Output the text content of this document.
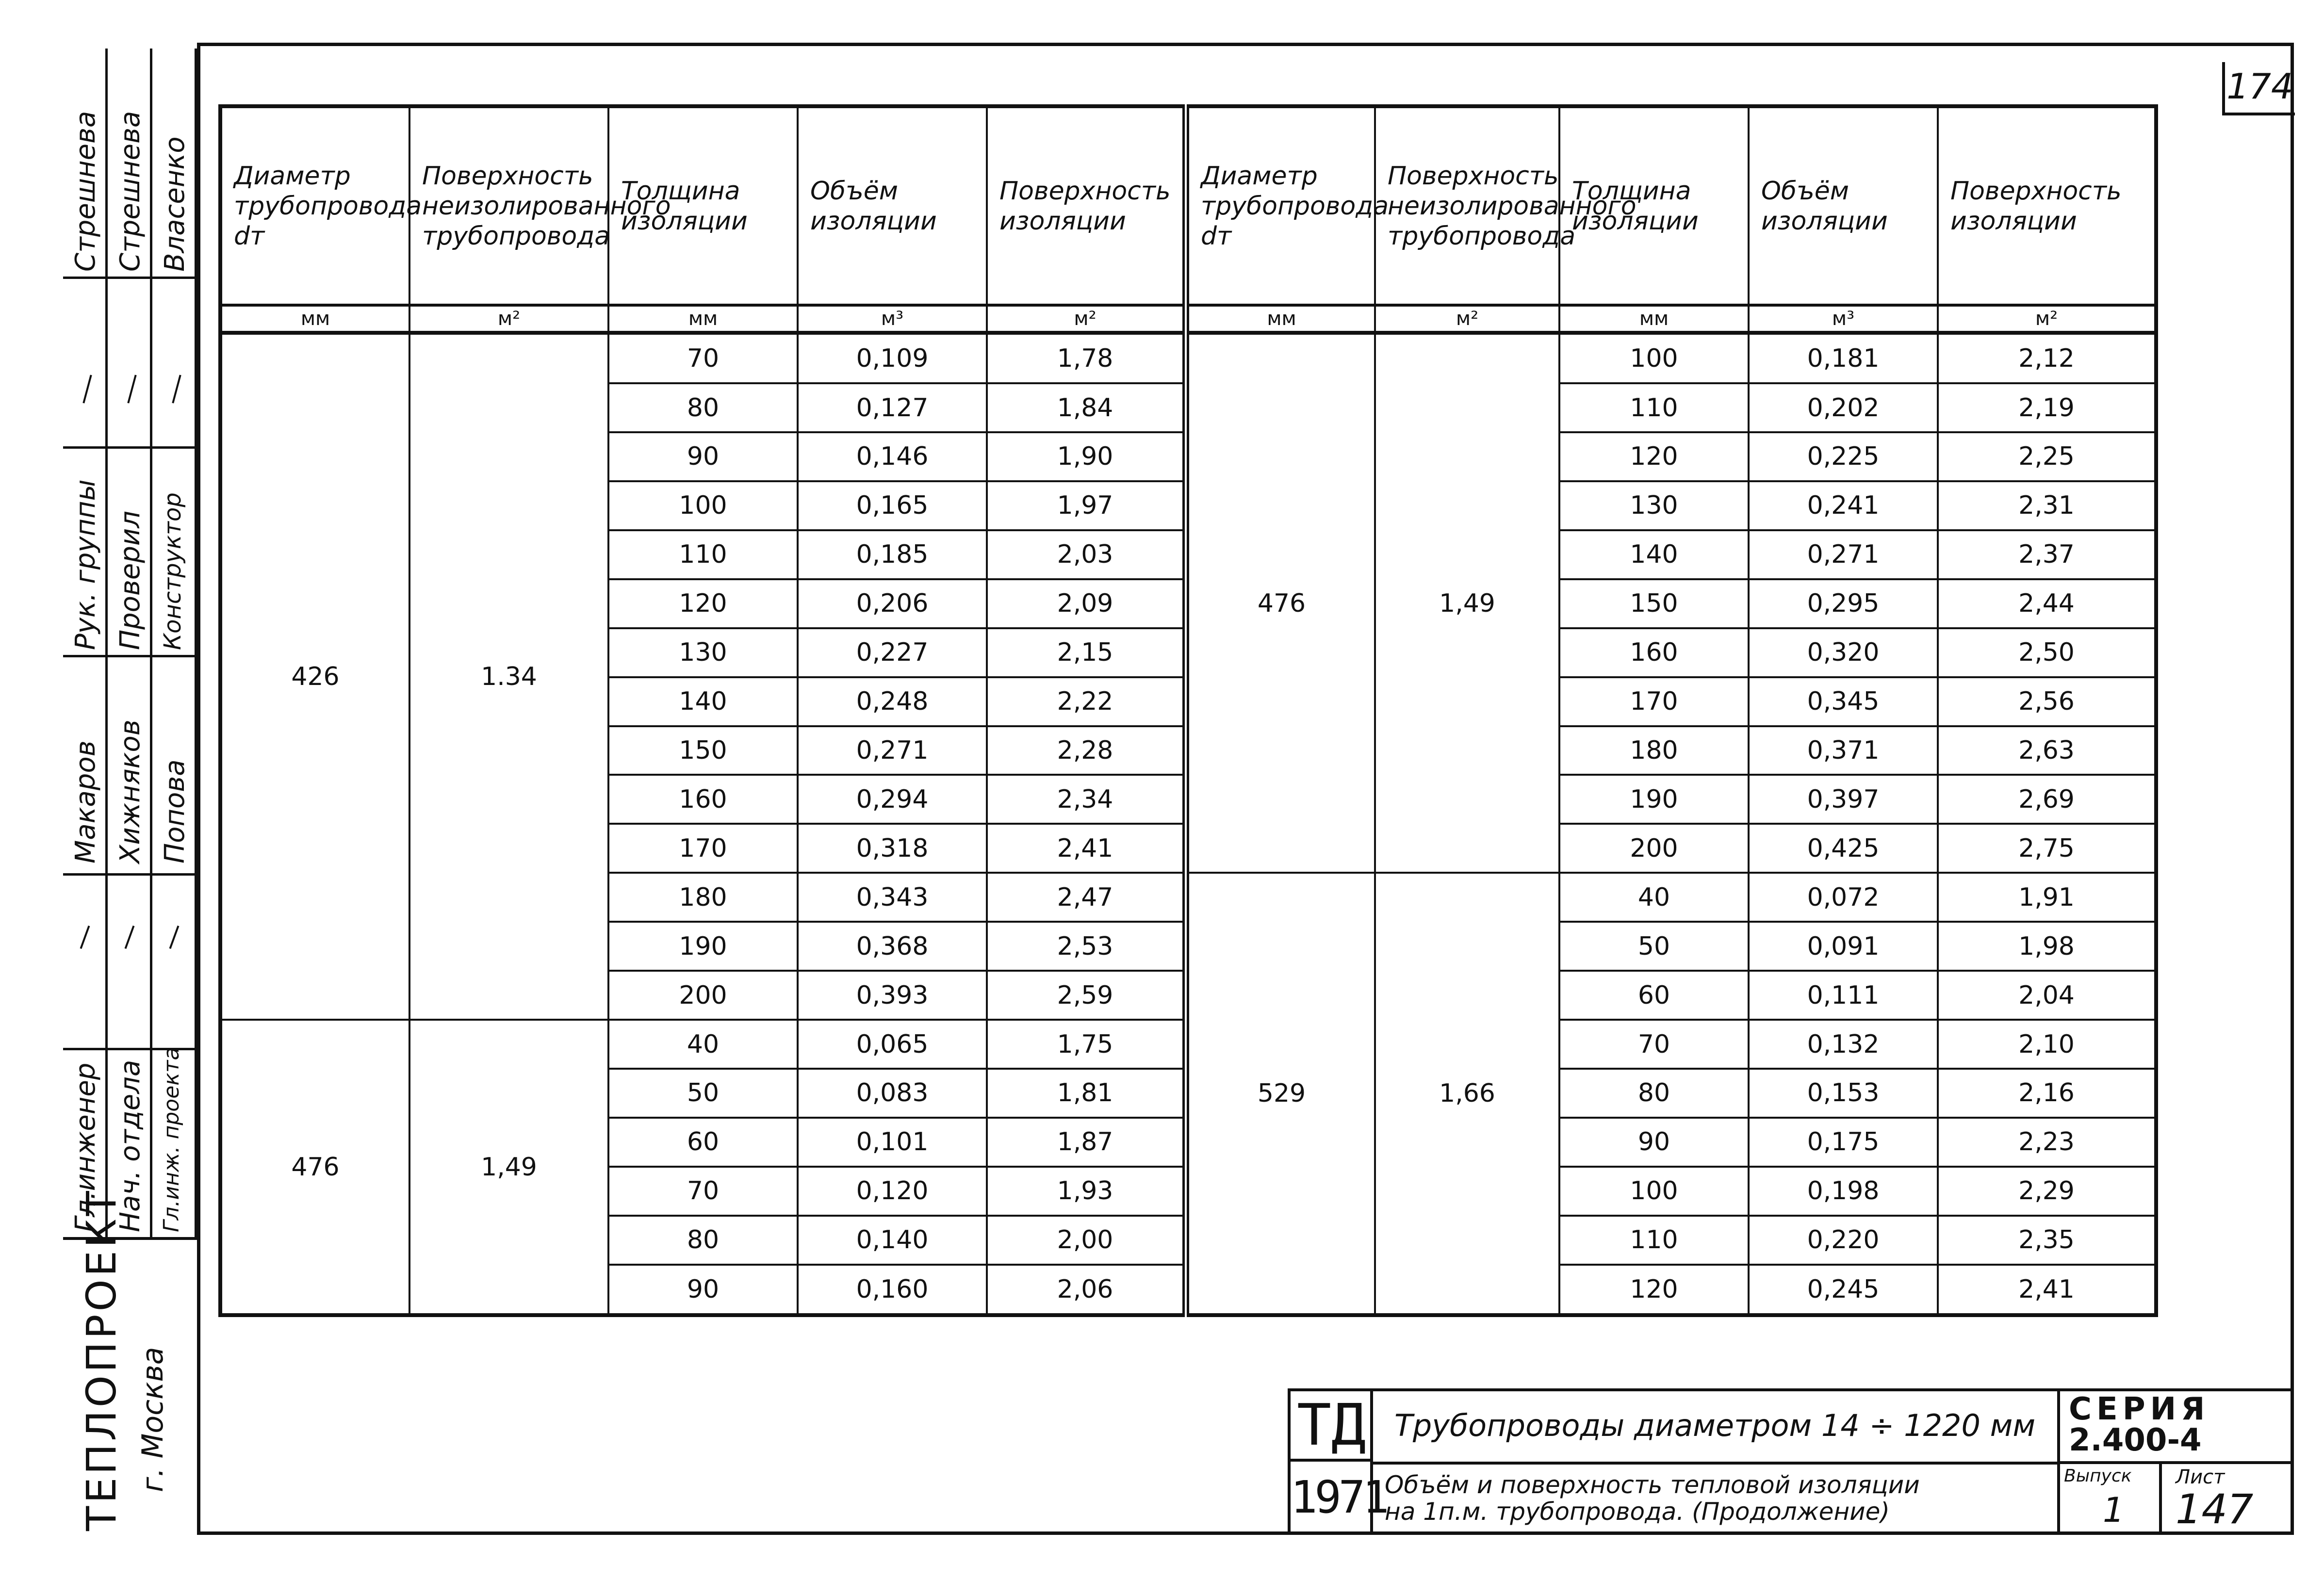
174
Гл.инженер Нач. отдела Гл.инж. проекта
Макаров Хижняков Попова
Рук. группы Проверил Конструктор
Стрешнева Стрешнева Власенко
ТЕПЛОПРОЕКТ г. Москва
Диаметр трубопровода dт	Поверхность неизолированного трубопровода	Толщина изоляции	Объём изоляции	Поверхность изоляции	Диаметр трубопровода dт	Поверхность неизолированного трубопровода	Толщина изоляции	Объём изоляции	Поверхность изоляции
мм	м²	мм	м³	м²	мм	м²	мм	м³	м²
426	1.34	70	0,109	1,78	476	1,49	100	0,181	2,12
		80	0,127	1,84			110	0,202	2,19
		90	0,146	1,90			120	0,225	2,25
		100	0,165	1,97			130	0,241	2,31
		110	0,185	2,03			140	0,271	2,37
		120	0,206	2,09			150	0,295	2,44
		130	0,227	2,15			160	0,320	2,50
		140	0,248	2,22			170	0,345	2,56
		150	0,271	2,28			180	0,371	2,63
		160	0,294	2,34			190	0,397	2,69
		170	0,318	2,41			200	0,425	2,75
		180	0,343	2,47	529	1,66	40	0,072	1,91
		190	0,368	2,53			50	0,091	1,98
		200	0,393	2,59			60	0,111	2,04
476	1,49	40	0,065	1,75			70	0,132	2,10
		50	0,083	1,81			80	0,153	2,16
		60	0,101	1,87			90	0,175	2,23
		70	0,120	1,93			100	0,198	2,29
		80	0,140	2,00			110	0,220	2,35
		90	0,160	2,06			120	0,245	2,41
ТД
1971
Трубопроводы диаметром 14 ÷ 1220 мм
Объём и поверхность тепловой изоляции
на 1п.м. трубопровода. (Продолжение)
СЕРИЯ
2.400-4
Выпуск
1
Лист
147
